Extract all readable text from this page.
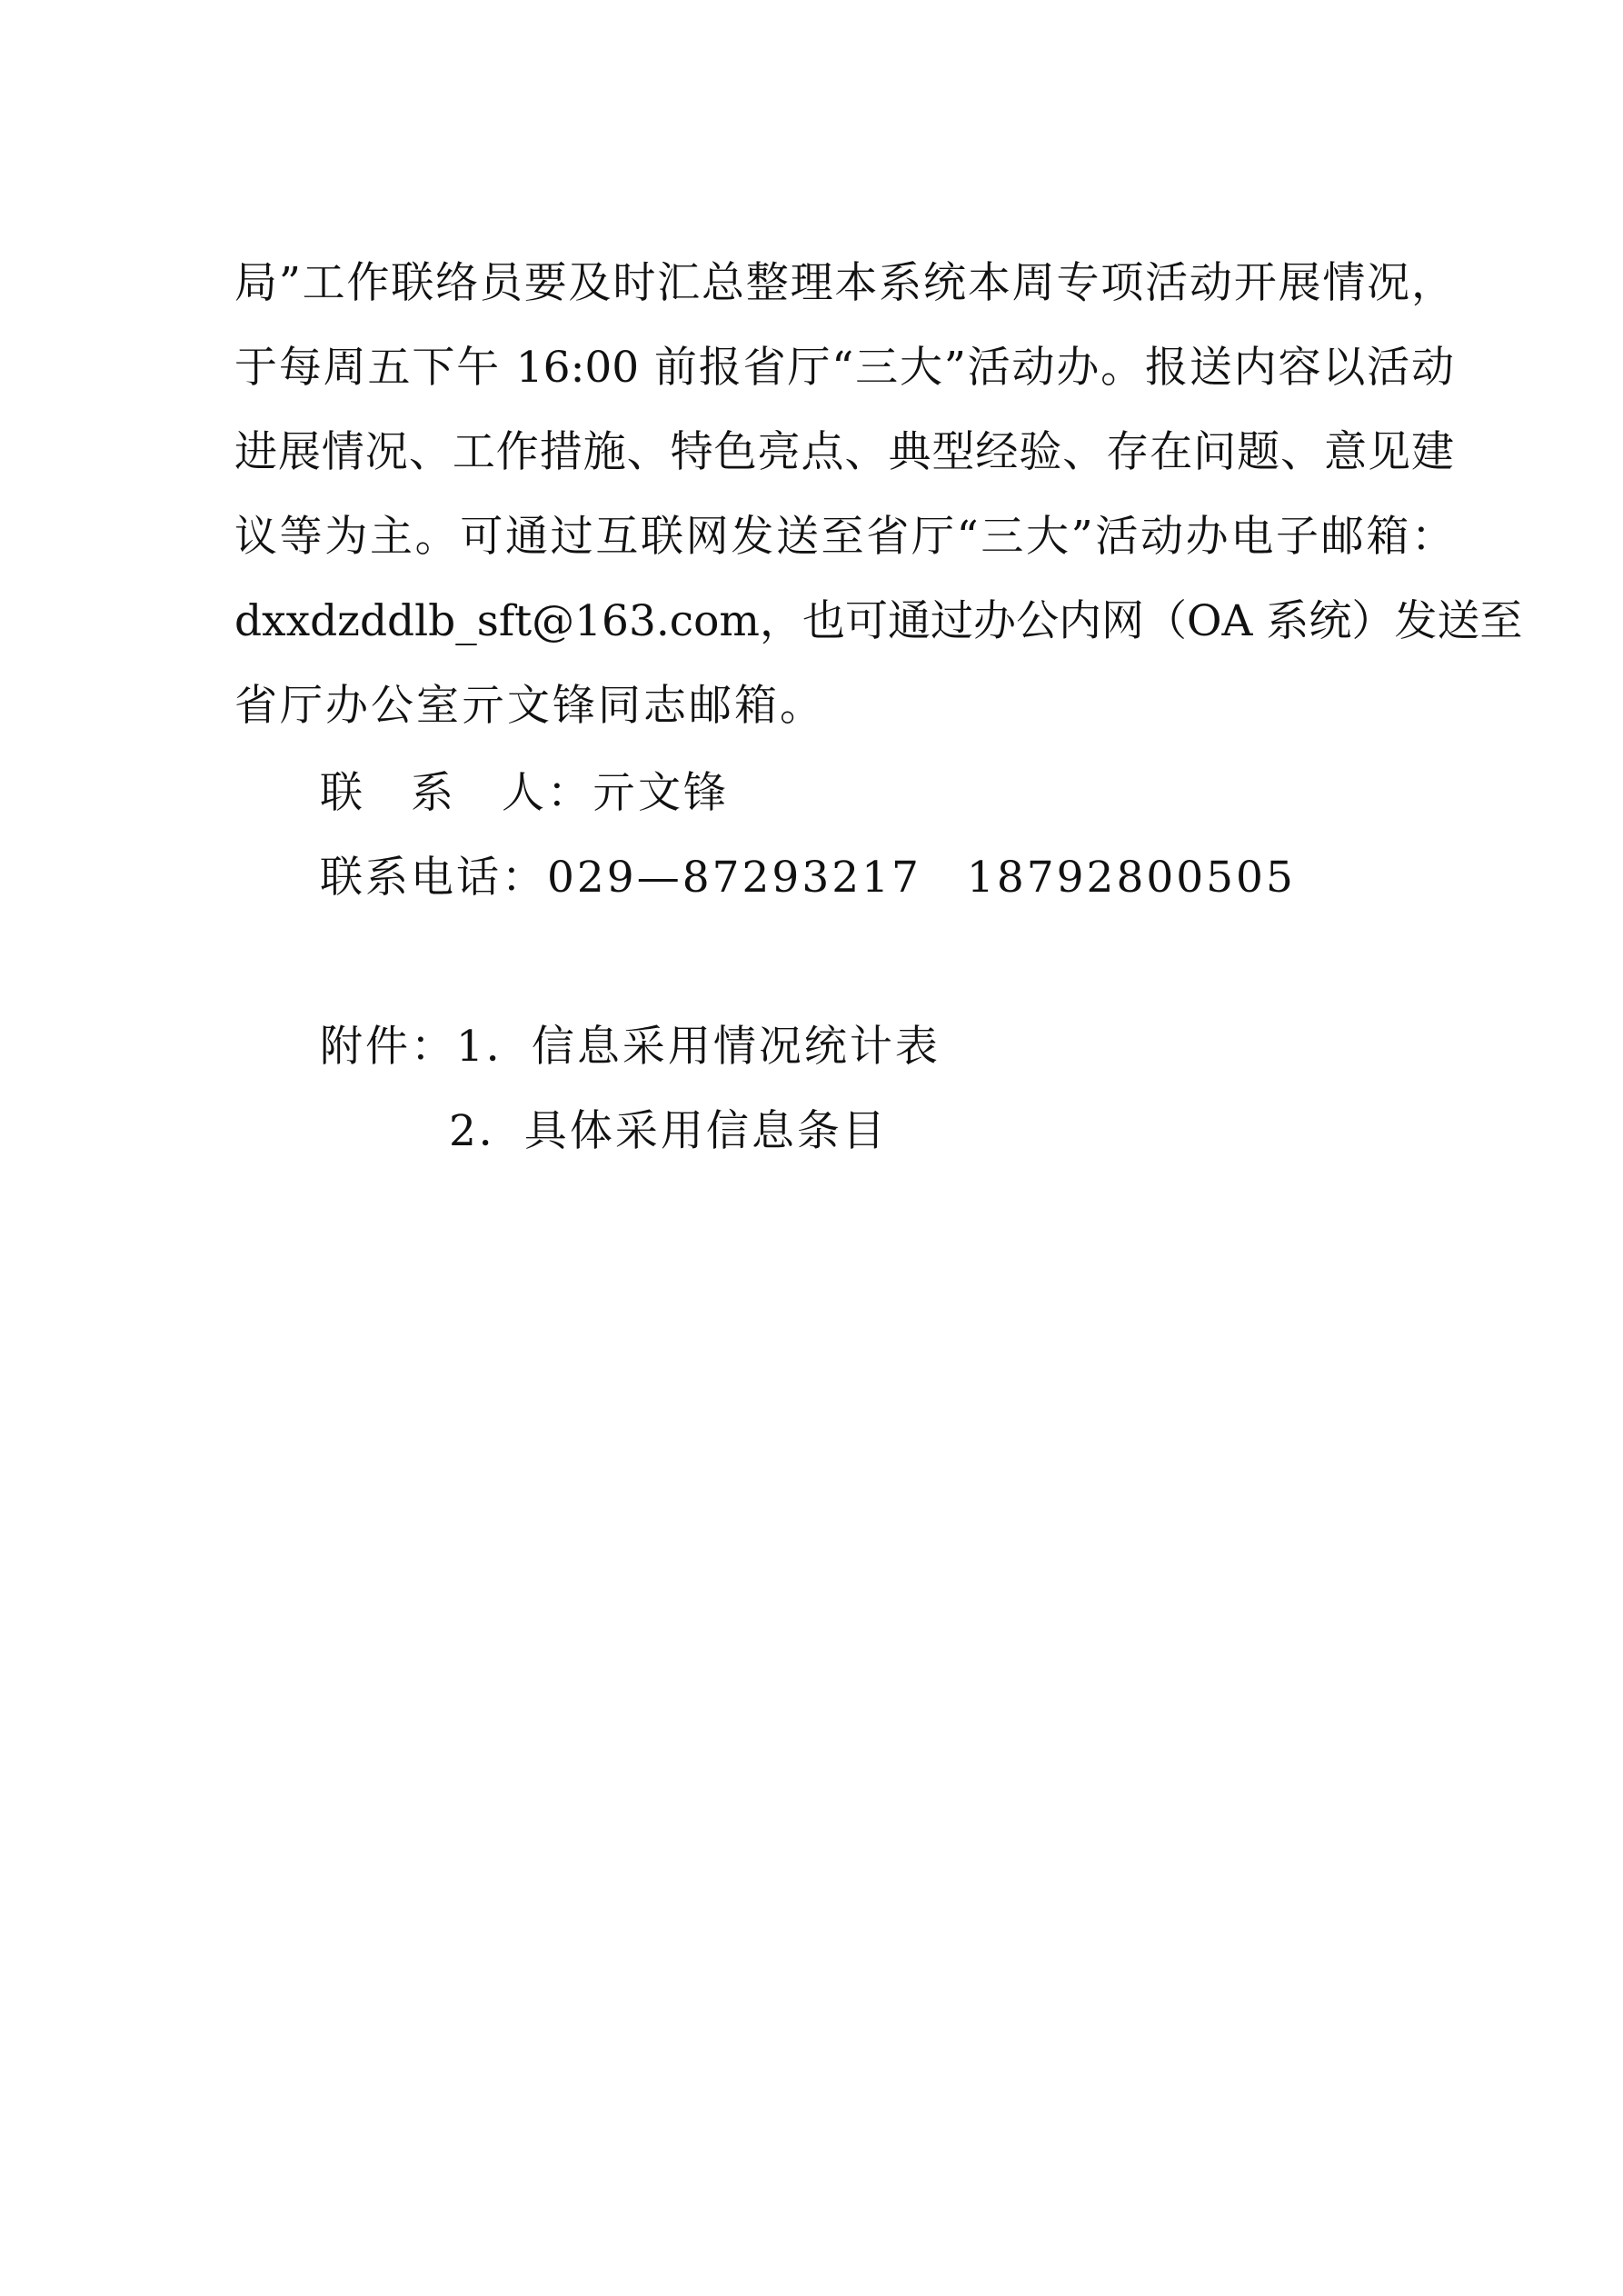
局”工作联络员要及时汇总整理本系统本周专项活动开展情况，
于每周五下午 16:00 前报省厅“三大”活动办。报送内容以活动
进展情况、工作措施、特色亮点、典型经验、存在问题、意见建
议等为主。可通过互联网发送至省厅“三大”活动办电子邮箱：
dxxdzddlb_sft@163.com，也可通过办公内网（OA 系统）发送至
省厅办公室亓文锋同志邮箱。
联　系　人：亓文锋
联系电话：029—87293217　18792800505
附件：1．信息采用情况统计表
2．具体采用信息条目
